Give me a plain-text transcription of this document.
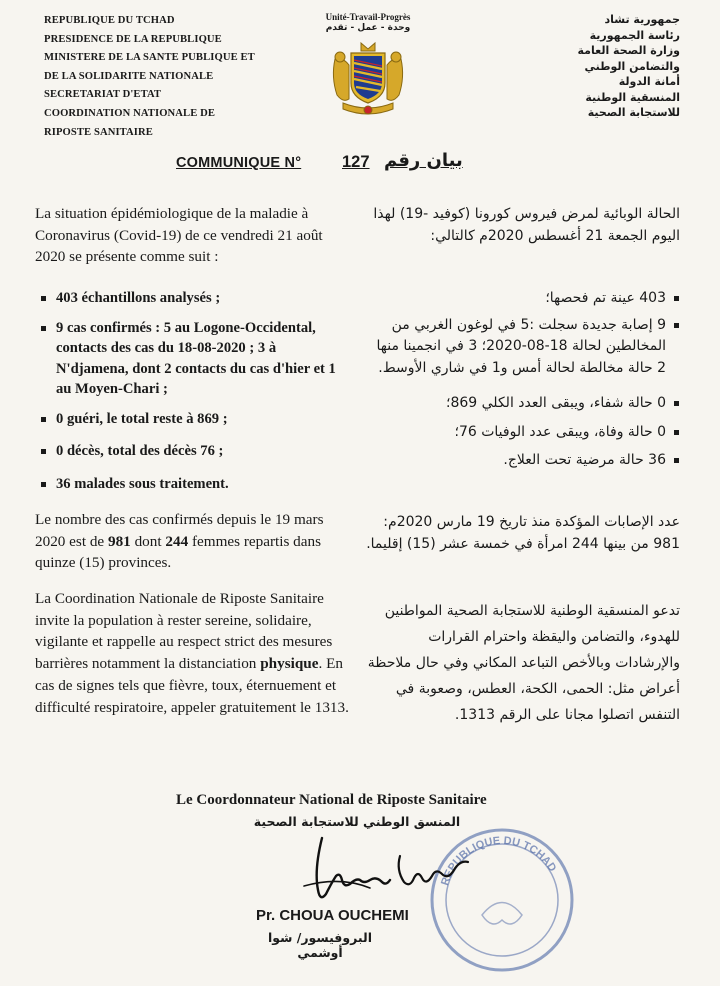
REPUBLIQUE DU TCHAD
PRESIDENCE DE LA REPUBLIQUE
MINISTERE DE LA SANTE PUBLIQUE ET
DE LA SOLIDARITE NATIONALE
SECRETARIAT D'ETAT
COORDINATION NATIONALE DE
RIPOSTE SANITAIRE
Unité-Travail-Progrès
وحدة - عمل - تقدم
جمهورية تشاد
رئاسة الجمهورية
وزارة الصحة العامة
والتضامن الوطني
أمانة الدولة
المنسقية الوطنية
للاستجابة الصحية
COMMUNIQUE N° 127 بيان رقم

La situation épidémiologique de la maladie à Coronavirus (Covid-19) de ce vendredi 21 août 2020 se présente comme suit :

403 échantillons analysés ;
9 cas confirmés : 5 au Logone-Occidental, contacts des cas du 18-08-2020 ; 3 à N'djamena, dont 2 contacts du cas d'hier et 1 au Moyen-Chari ;
0 guéri, le total reste à 869 ;
0 décès, total des décès 76 ;
36 malades sous traitement.

Le nombre des cas confirmés depuis le 19 mars 2020 est de 981 dont 244 femmes repartis dans quinze (15) provinces.

La Coordination Nationale de Riposte Sanitaire invite la population à rester sereine, solidaire, vigilante et rappelle au respect strict des mesures barrières notamment la distanciation physique. En cas de signes tels que fièvre, toux, éternuement et difficulté respiratoire, appeler gratuitement le 1313.

الحالة الوبائية لمرض فيروس كورونا (كوفيد -19) لهذا اليوم الجمعة 21 أغسطس 2020م كالتالي:

403 عينة تم فحصها؛
9 إصابة جديدة سجلت :5 في لوغون الغربي من المخالطين لحالة 18-08-2020؛ 3 في انجمينا منها 2 حالة مخالطة لحالة أمس و1 في شاري الأوسط.
0 حالة شفاء، ويبقى العدد الكلي 869؛
0 حالة وفاة، ويبقى عدد الوفيات 76؛
36 حالة مرضية تحت العلاج.

عدد الإصابات المؤكدة منذ تاريخ 19 مارس 2020م: 981 من بينها 244 امرأة في خمسة عشر (15) إقليما.

تدعو المنسقية الوطنية للاستجابة الصحية المواطنين للهدوء، والتضامن واليقظة واحترام القرارات والإرشادات وبالأخص التباعد المكاني وفي حال ملاحظة أعراض مثل: الحمى، الكحة، العطس، وصعوبة في التنفس اتصلوا مجانا على الرقم 1313.

Le Coordonnateur National de Riposte Sanitaire
المنسق الوطني للاستجابة الصحية
REPUBLIQUE DU TCHAD
Pr. CHOUA OUCHEMI
البروفيسور/ شوا أوشمي
